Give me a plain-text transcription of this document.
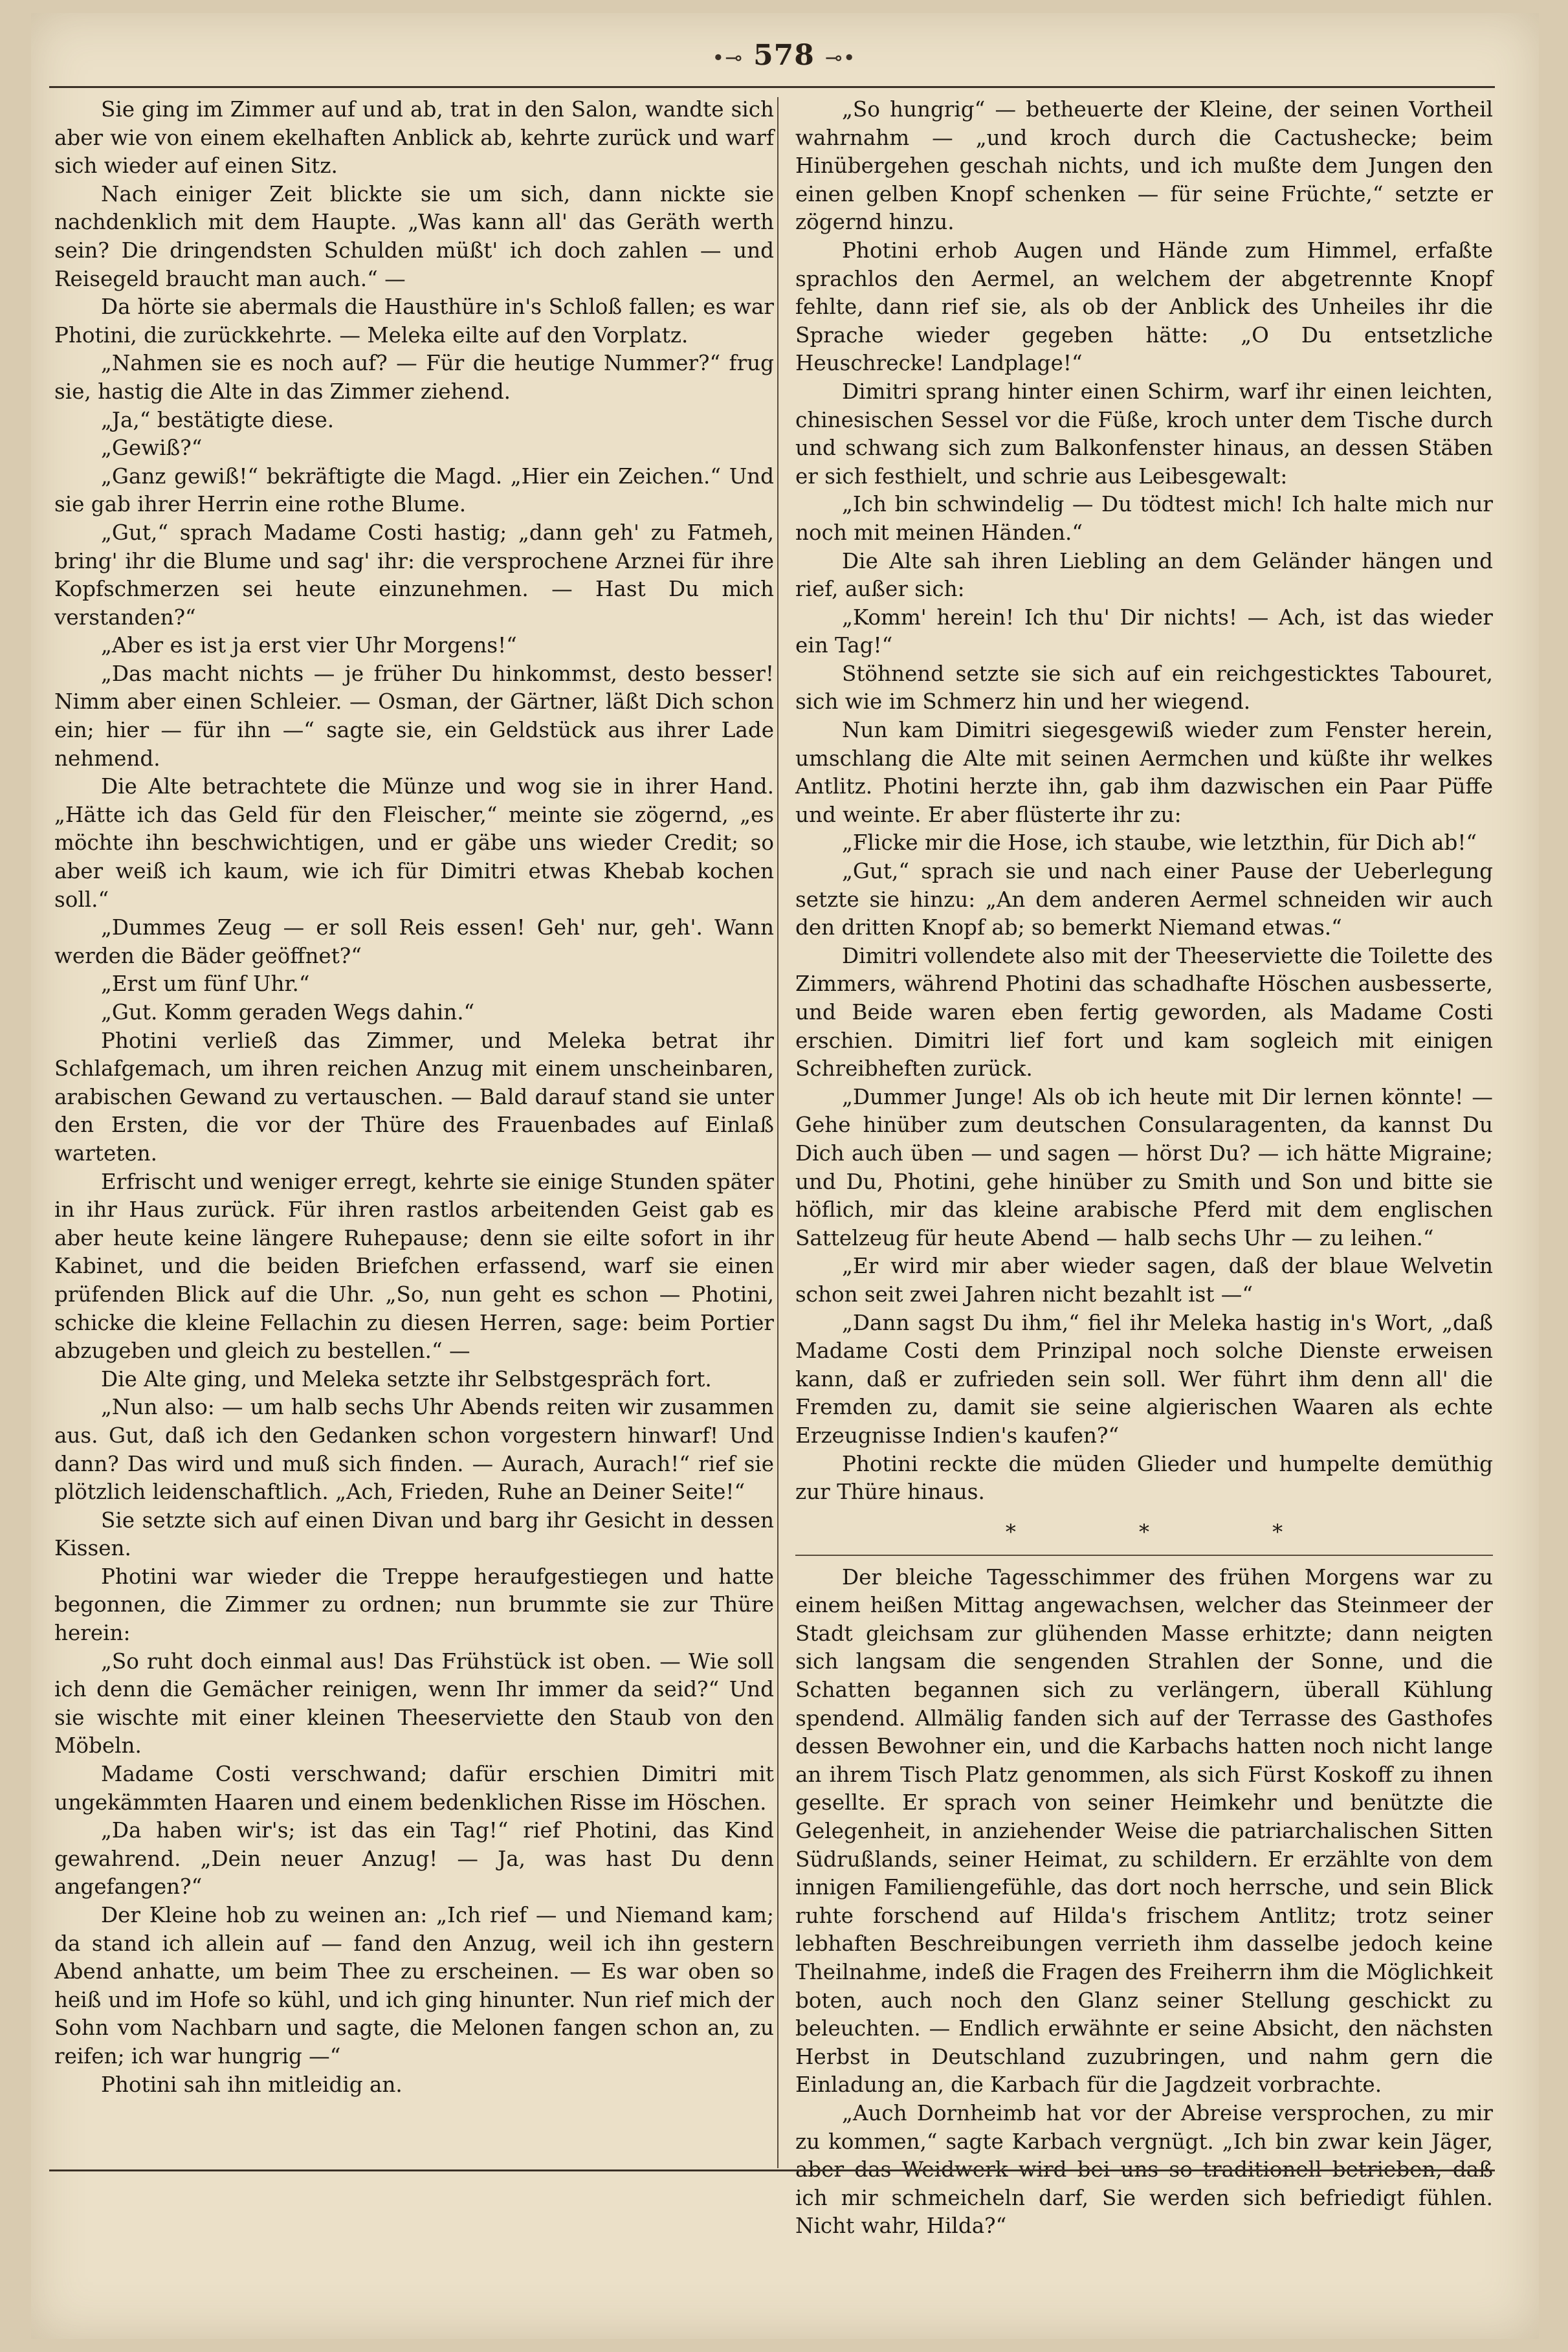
•⊸ 578 ⊸•

Sie ging im Zimmer auf und ab, trat in den Salon, wandte sich aber wie von einem ekelhaften Anblick ab, kehrte zurück und warf sich wieder auf einen Sitz.

Nach einiger Zeit blickte sie um sich, dann nickte sie nachdenklich mit dem Haupte. „Was kann all' das Geräth werth sein? Die dringendsten Schulden müßt' ich doch zahlen — und Reisegeld braucht man auch.“ —

Da hörte sie abermals die Hausthüre in's Schloß fallen; es war Photini, die zurückkehrte. — Meleka eilte auf den Vorplatz.

„Nahmen sie es noch auf? — Für die heutige Nummer?“ frug sie, hastig die Alte in das Zimmer ziehend.

„Ja,“ bestätigte diese.

„Gewiß?“

„Ganz gewiß!“ bekräftigte die Magd. „Hier ein Zeichen.“ Und sie gab ihrer Herrin eine rothe Blume.

„Gut,“ sprach Madame Costi hastig; „dann geh' zu Fatmeh, bring' ihr die Blume und sag' ihr: die versprochene Arznei für ihre Kopfschmerzen sei heute einzunehmen. — Hast Du mich verstanden?“

„Aber es ist ja erst vier Uhr Morgens!“

„Das macht nichts — je früher Du hinkommst, desto besser! Nimm aber einen Schleier. — Osman, der Gärtner, läßt Dich schon ein; hier — für ihn —“ sagte sie, ein Geldstück aus ihrer Lade nehmend.

Die Alte betrachtete die Münze und wog sie in ihrer Hand. „Hätte ich das Geld für den Fleischer,“ meinte sie zögernd, „es möchte ihn beschwichtigen, und er gäbe uns wieder Credit; so aber weiß ich kaum, wie ich für Dimitri etwas Khebab kochen soll.“

„Dummes Zeug — er soll Reis essen! Geh' nur, geh'. Wann werden die Bäder geöffnet?“

„Erst um fünf Uhr.“

„Gut. Komm geraden Wegs dahin.“

Photini verließ das Zimmer, und Meleka betrat ihr Schlafgemach, um ihren reichen Anzug mit einem unscheinbaren, arabischen Gewand zu vertauschen. — Bald darauf stand sie unter den Ersten, die vor der Thüre des Frauenbades auf Einlaß warteten.

Erfrischt und weniger erregt, kehrte sie einige Stunden später in ihr Haus zurück. Für ihren rastlos arbeitenden Geist gab es aber heute keine längere Ruhepause; denn sie eilte sofort in ihr Kabinet, und die beiden Briefchen erfassend, warf sie einen prüfenden Blick auf die Uhr. „So, nun geht es schon — Photini, schicke die kleine Fellachin zu diesen Herren, sage: beim Portier abzugeben und gleich zu bestellen.“ —

Die Alte ging, und Meleka setzte ihr Selbstgespräch fort.

„Nun also: — um halb sechs Uhr Abends reiten wir zusammen aus. Gut, daß ich den Gedanken schon vorgestern hinwarf! Und dann? Das wird und muß sich finden. — Aurach, Aurach!“ rief sie plötzlich leidenschaftlich. „Ach, Frieden, Ruhe an Deiner Seite!“

Sie setzte sich auf einen Divan und barg ihr Gesicht in dessen Kissen.

Photini war wieder die Treppe heraufgestiegen und hatte begonnen, die Zimmer zu ordnen; nun brummte sie zur Thüre herein:

„So ruht doch einmal aus! Das Frühstück ist oben. — Wie soll ich denn die Gemächer reinigen, wenn Ihr immer da seid?“ Und sie wischte mit einer kleinen Theeserviette den Staub von den Möbeln.

Madame Costi verschwand; dafür erschien Dimitri mit ungekämmten Haaren und einem bedenklichen Risse im Höschen.

„Da haben wir's; ist das ein Tag!“ rief Photini, das Kind gewahrend. „Dein neuer Anzug! — Ja, was hast Du denn angefangen?“

Der Kleine hob zu weinen an: „Ich rief — und Niemand kam; da stand ich allein auf — fand den Anzug, weil ich ihn gestern Abend anhatte, um beim Thee zu erscheinen. — Es war oben so heiß und im Hofe so kühl, und ich ging hinunter. Nun rief mich der Sohn vom Nachbarn und sagte, die Melonen fangen schon an, zu reifen; ich war hungrig —“

Photini sah ihn mitleidig an.

„So hungrig“ — betheuerte der Kleine, der seinen Vortheil wahrnahm — „und kroch durch die Cactushecke; beim Hinübergehen geschah nichts, und ich mußte dem Jungen den einen gelben Knopf schenken — für seine Früchte,“ setzte er zögernd hinzu.

Photini erhob Augen und Hände zum Himmel, erfaßte sprachlos den Aermel, an welchem der abgetrennte Knopf fehlte, dann rief sie, als ob der Anblick des Unheiles ihr die Sprache wieder gegeben hätte: „O Du entsetzliche Heuschrecke! Landplage!“

Dimitri sprang hinter einen Schirm, warf ihr einen leichten, chinesischen Sessel vor die Füße, kroch unter dem Tische durch und schwang sich zum Balkonfenster hinaus, an dessen Stäben er sich festhielt, und schrie aus Leibesgewalt:

„Ich bin schwindelig — Du tödtest mich! Ich halte mich nur noch mit meinen Händen.“

Die Alte sah ihren Liebling an dem Geländer hängen und rief, außer sich:

„Komm' herein! Ich thu' Dir nichts! — Ach, ist das wieder ein Tag!“

Stöhnend setzte sie sich auf ein reichgesticktes Tabouret, sich wie im Schmerz hin und her wiegend.

Nun kam Dimitri siegesgewiß wieder zum Fenster herein, umschlang die Alte mit seinen Aermchen und küßte ihr welkes Antlitz. Photini herzte ihn, gab ihm dazwischen ein Paar Püffe und weinte. Er aber flüsterte ihr zu:

„Flicke mir die Hose, ich staube, wie letzthin, für Dich ab!“

„Gut,“ sprach sie und nach einer Pause der Ueberlegung setzte sie hinzu: „An dem anderen Aermel schneiden wir auch den dritten Knopf ab; so bemerkt Niemand etwas.“

Dimitri vollendete also mit der Theeserviette die Toilette des Zimmers, während Photini das schadhafte Höschen ausbesserte, und Beide waren eben fertig geworden, als Madame Costi erschien. Dimitri lief fort und kam sogleich mit einigen Schreibheften zurück.

„Dummer Junge! Als ob ich heute mit Dir lernen könnte! — Gehe hinüber zum deutschen Consularagenten, da kannst Du Dich auch üben — und sagen — hörst Du? — ich hätte Migraine; und Du, Photini, gehe hinüber zu Smith und Son und bitte sie höflich, mir das kleine arabische Pferd mit dem englischen Sattelzeug für heute Abend — halb sechs Uhr — zu leihen.“

„Er wird mir aber wieder sagen, daß der blaue Welvetin schon seit zwei Jahren nicht bezahlt ist —“

„Dann sagst Du ihm,“ fiel ihr Meleka hastig in's Wort, „daß Madame Costi dem Prinzipal noch solche Dienste erweisen kann, daß er zufrieden sein soll. Wer führt ihm denn all' die Fremden zu, damit sie seine algierischen Waaren als echte Erzeugnisse Indien's kaufen?“

Photini reckte die müden Glieder und humpelte demüthig zur Thüre hinaus.

* * *

Der bleiche Tagesschimmer des frühen Morgens war zu einem heißen Mittag angewachsen, welcher das Steinmeer der Stadt gleichsam zur glühenden Masse erhitzte; dann neigten sich langsam die sengenden Strahlen der Sonne, und die Schatten begannen sich zu verlängern, überall Kühlung spendend. Allmälig fanden sich auf der Terrasse des Gasthofes dessen Bewohner ein, und die Karbachs hatten noch nicht lange an ihrem Tisch Platz genommen, als sich Fürst Koskoff zu ihnen gesellte. Er sprach von seiner Heimkehr und benützte die Gelegenheit, in anziehender Weise die patriarchalischen Sitten Südrußlands, seiner Heimat, zu schildern. Er erzählte von dem innigen Familiengefühle, das dort noch herrsche, und sein Blick ruhte forschend auf Hilda's frischem Antlitz; trotz seiner lebhaften Beschreibungen verrieth ihm dasselbe jedoch keine Theilnahme, indeß die Fragen des Freiherrn ihm die Möglichkeit boten, auch noch den Glanz seiner Stellung geschickt zu beleuchten. — Endlich erwähnte er seine Absicht, den nächsten Herbst in Deutschland zuzubringen, und nahm gern die Einladung an, die Karbach für die Jagdzeit vorbrachte.

„Auch Dornheimb hat vor der Abreise versprochen, zu mir zu kommen,“ sagte Karbach vergnügt. „Ich bin zwar kein Jäger, aber das Weidwerk wird bei uns so traditionell betrieben, daß ich mir schmeicheln darf, Sie werden sich befriedigt fühlen. Nicht wahr, Hilda?“
